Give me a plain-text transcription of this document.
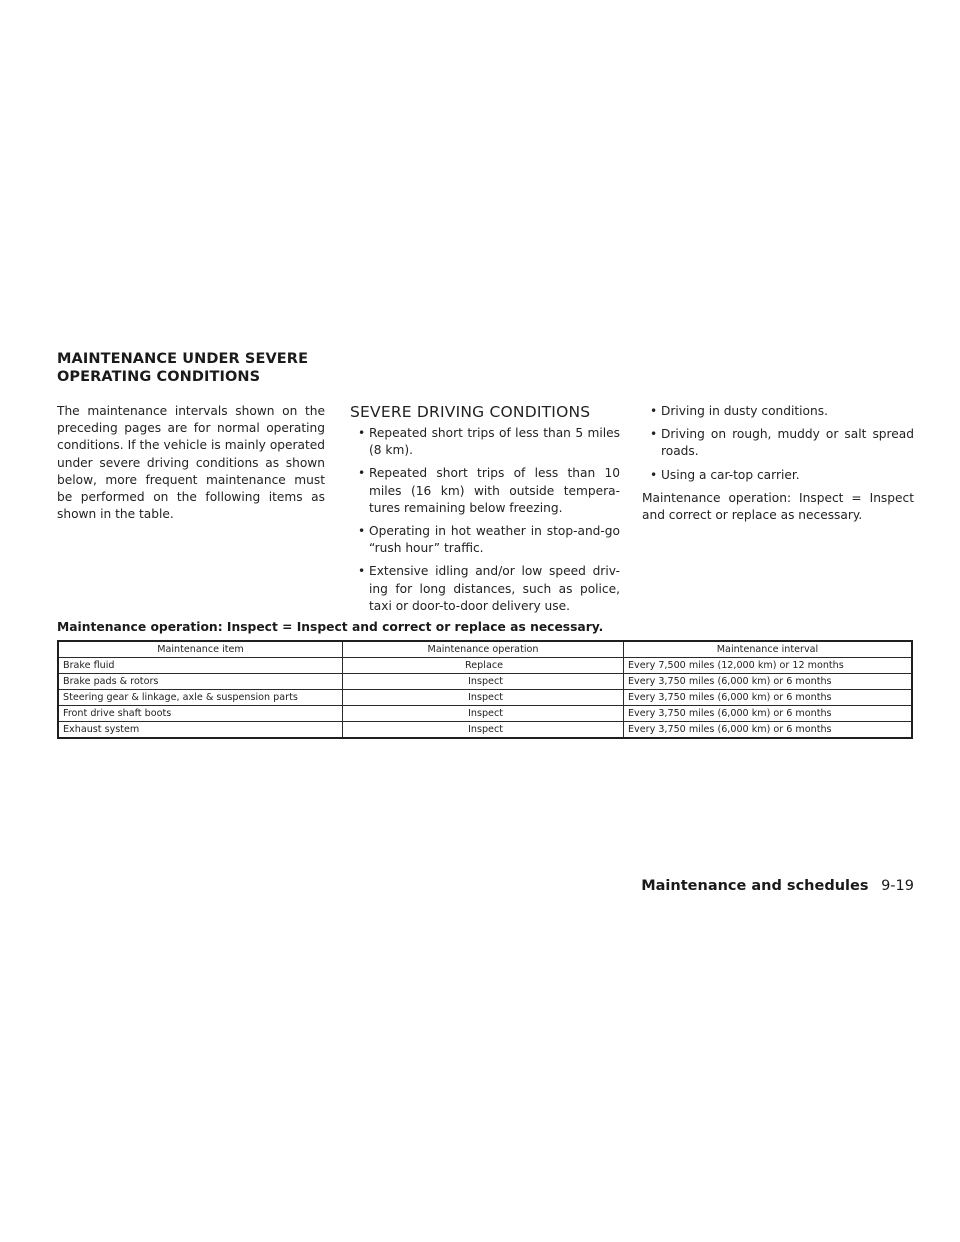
MAINTENANCE UNDER SEVERE
OPERATING CONDITIONS
The maintenance intervals shown on the preceding pages are for normal operating conditions. If the vehicle is mainly operated under severe driving conditions as shown below, more frequent maintenance must be performed on the following items as shown in the table.
SEVERE DRIVING CONDITIONS
• Repeated short trips of less than 5 miles (8 km).
• Repeated short trips of less than 10 miles (16 km) with outside tempera-tures remaining below freezing.
• Operating in hot weather in stop-and-go “rush hour” traffic.
• Extensive idling and/or low speed driv-ing for long distances, such as police, taxi or door-to-door delivery use.
• Driving in dusty conditions.
• Driving on rough, muddy or salt spread roads.
• Using a car-top carrier.
Maintenance operation: Inspect = Inspect and correct or replace as necessary.
Maintenance operation: Inspect = Inspect and correct or replace as necessary.
Maintenance item	Maintenance operation	Maintenance interval
Brake fluid	Replace	Every 7,500 miles (12,000 km) or 12 months
Brake pads & rotors	Inspect	Every 3,750 miles (6,000 km) or 6 months
Steering gear & linkage, axle & suspension parts	Inspect	Every 3,750 miles (6,000 km) or 6 months
Front drive shaft boots	Inspect	Every 3,750 miles (6,000 km) or 6 months
Exhaust system	Inspect	Every 3,750 miles (6,000 km) or 6 months
Maintenance and schedules 9-19
